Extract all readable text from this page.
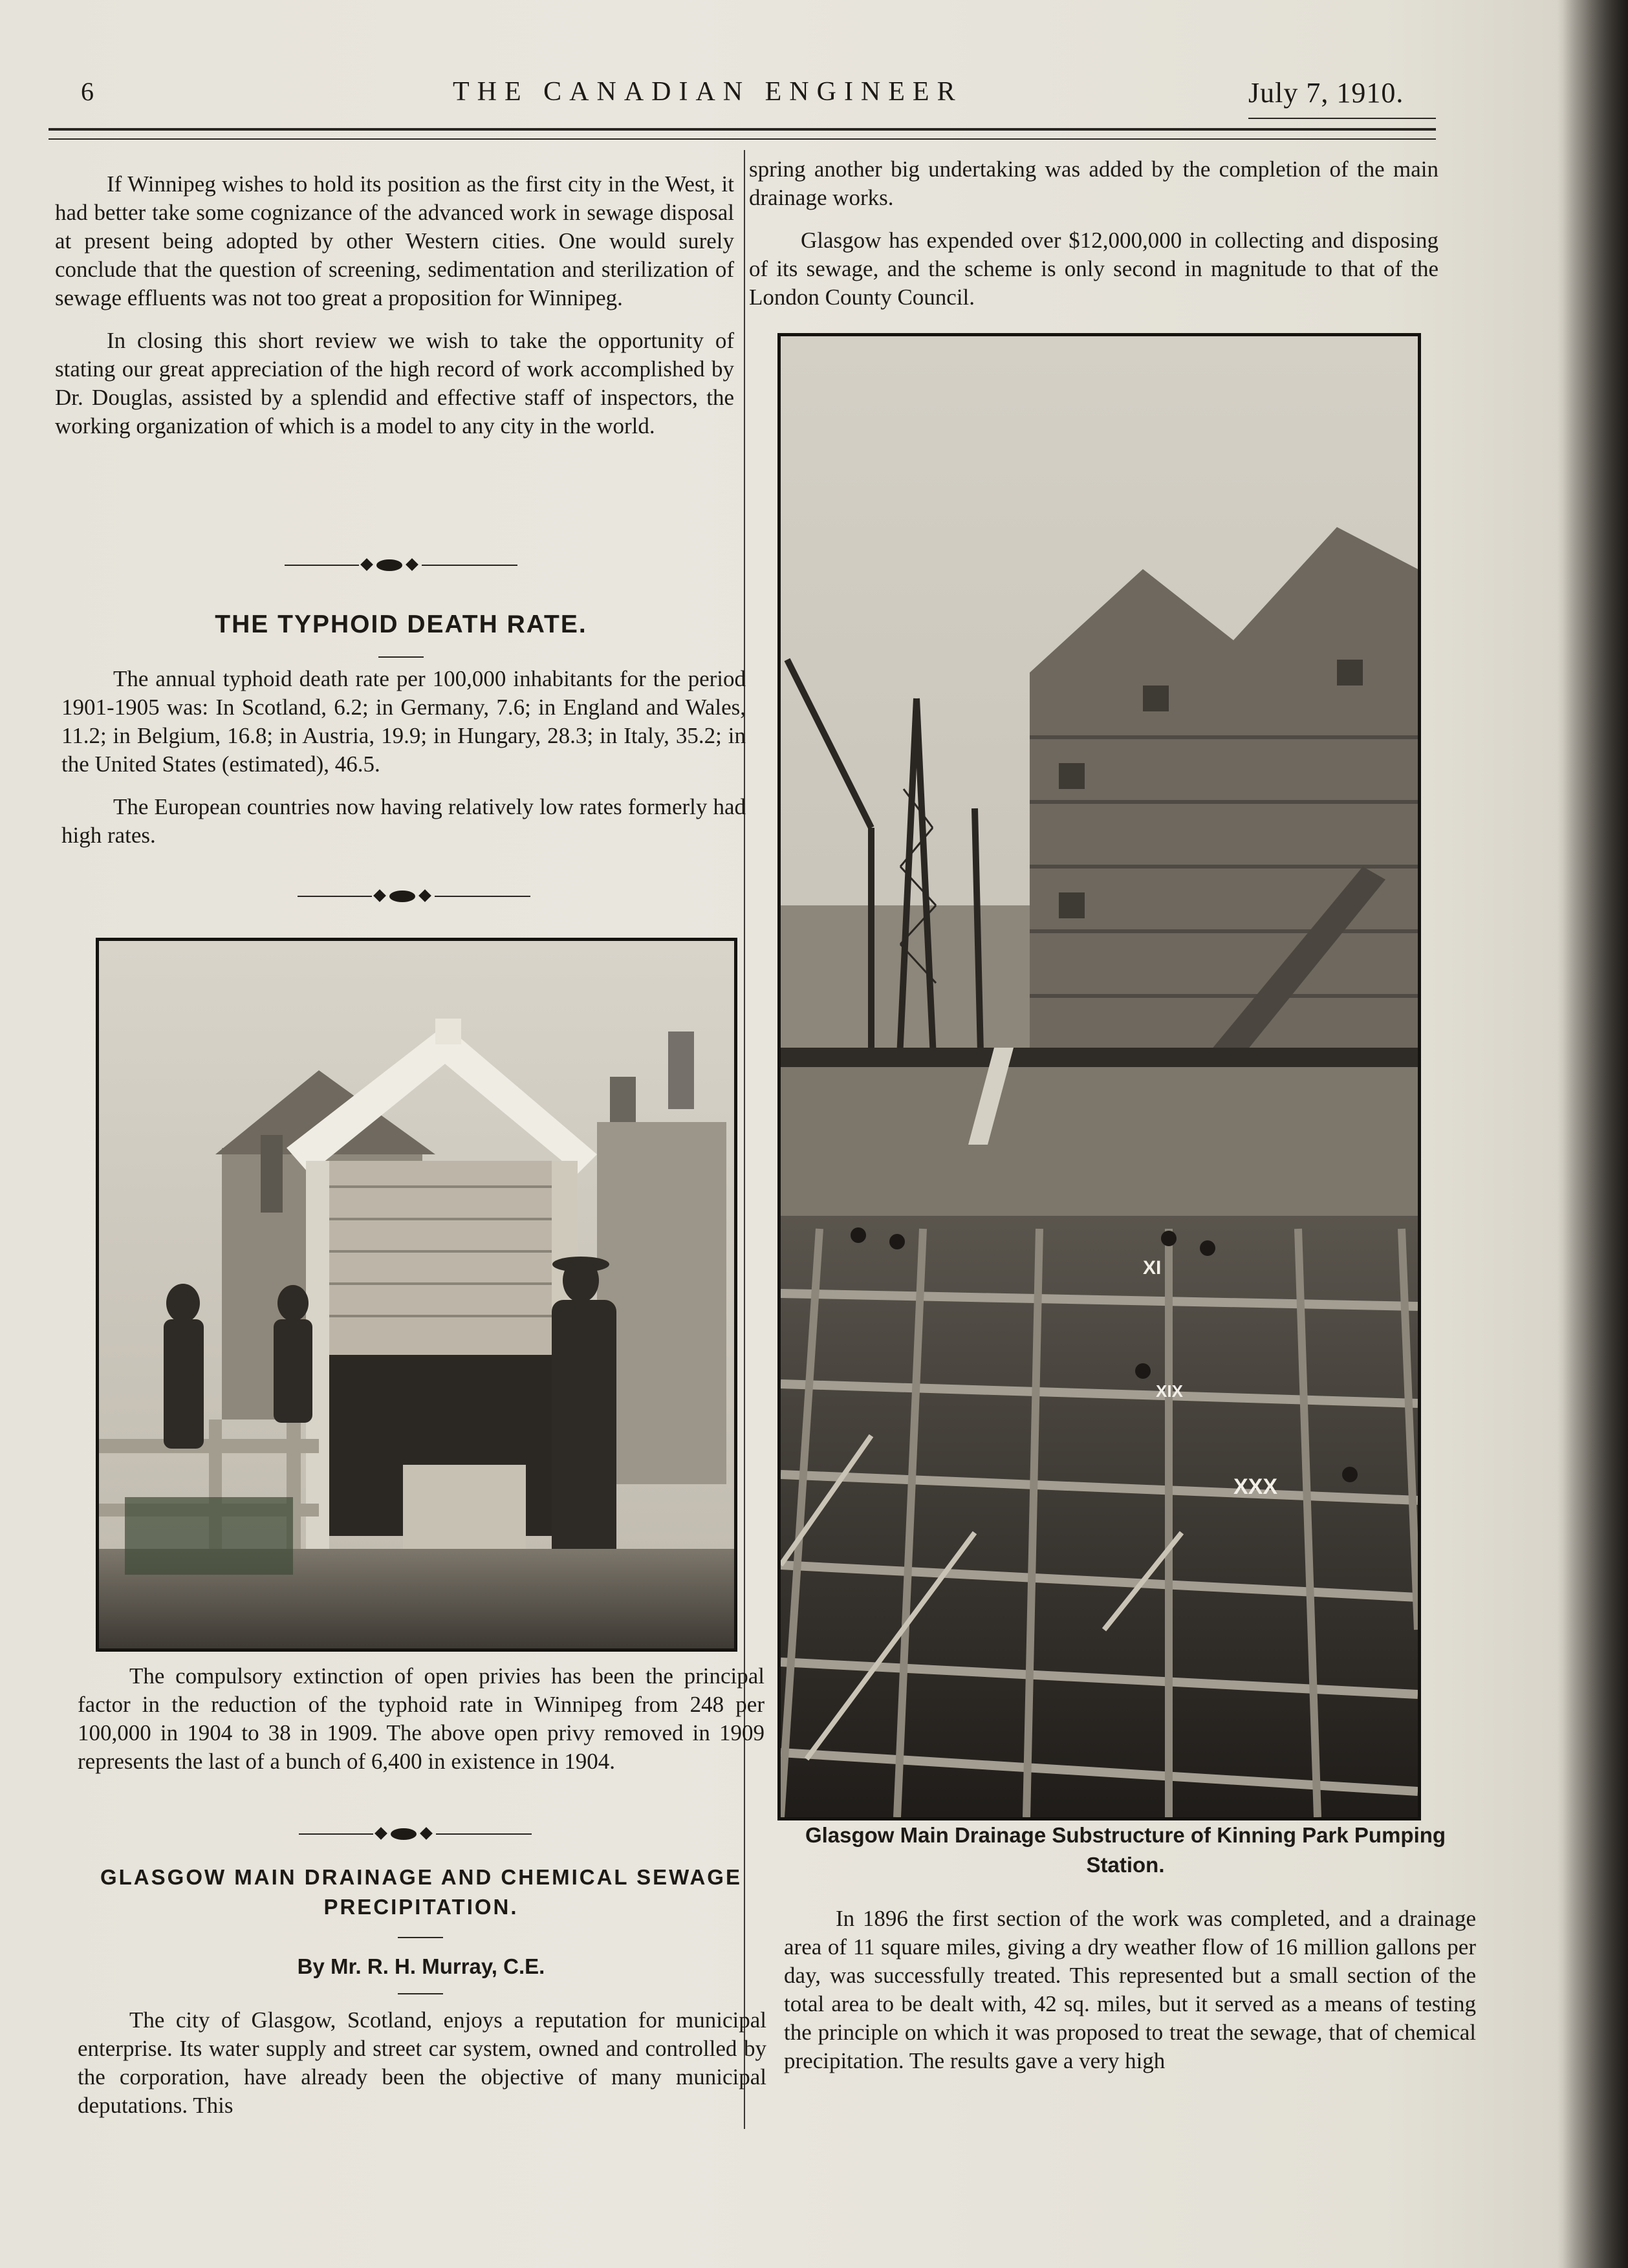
6	THE CANADIAN ENGINEER	July 7, 1910.

If Winnipeg wishes to hold its position as the first city in the West, it had better take some cognizance of the advanced work in sewage disposal at present being adopted by other Western cities. One would surely conclude that the question of screening, sedimentation and sterilization of sewage effluents was not too great a proposition for Winnipeg.

In closing this short review we wish to take the opportunity of stating our great appreciation of the high record of work accomplished by Dr. Douglas, assisted by a splendid and effective staff of inspectors, the working organization of which is a model to any city in the world.

THE TYPHOID DEATH RATE.

The annual typhoid death rate per 100,000 inhabitants for the period 1901-1905 was: In Scotland, 6.2; in Germany, 7.6; in England and Wales, 11.2; in Belgium, 16.8; in Austria, 19.9; in Hungary, 28.3; in Italy, 35.2; in the United States (estimated), 46.5.

The European countries now having relatively low rates formerly had high rates.

The compulsory extinction of open privies has been the principal factor in the reduction of the typhoid rate in Winnipeg from 248 per 100,000 in 1904 to 38 in 1909. The above open privy removed in 1909 represents the last of a bunch of 6,400 in existence in 1904.

GLASGOW MAIN DRAINAGE AND CHEMICAL SEWAGE PRECIPITATION.
By Mr. R. H. Murray, C.E.

The city of Glasgow, Scotland, enjoys a reputation for municipal enterprise. Its water supply and street car system, owned and controlled by the corporation, have already been the objective of many municipal deputations. This

spring another big undertaking was added by the completion of the main drainage works.

Glasgow has expended over $12,000,000 in collecting and disposing of its sewage, and the scheme is only second in magnitude to that of the London County Council.

XI
XIX
XXX
Glasgow Main Drainage Substructure of Kinning Park Pumping Station.

In 1896 the first section of the work was completed, and a drainage area of 11 square miles, giving a dry weather flow of 16 million gallons per day, was successfully treated. This represented but a small section of the total area to be dealt with, 42 sq. miles, but it served as a means of testing the principle on which it was proposed to treat the sewage, that of chemical precipitation. The results gave a very high
